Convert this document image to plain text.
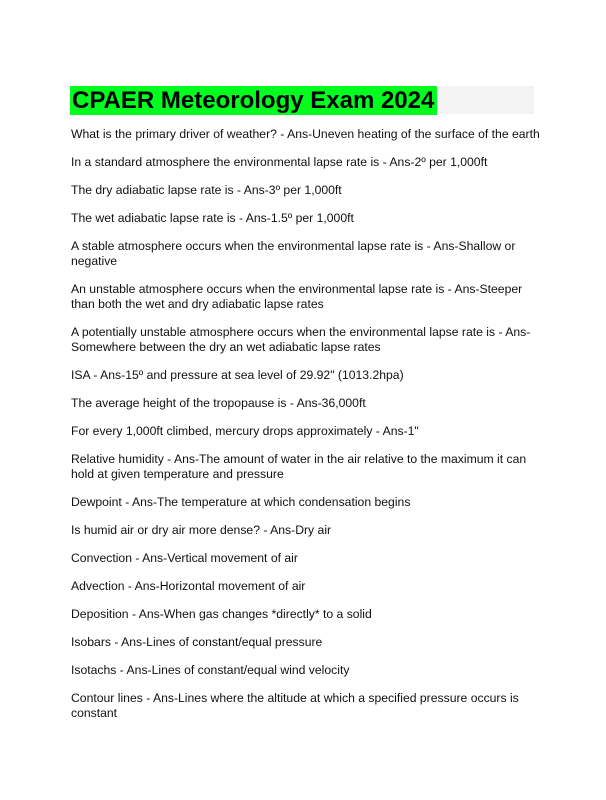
CPAER Meteorology Exam 2024

What is the primary driver of weather? - Ans-Uneven heating of the surface of the earth

In a standard atmosphere the environmental lapse rate is - Ans-2º per 1,000ft

The dry adiabatic lapse rate is - Ans-3º per 1,000ft

The wet adiabatic lapse rate is - Ans-1.5º per 1,000ft

A stable atmosphere occurs when the environmental lapse rate is - Ans-Shallow or negative

An unstable atmosphere occurs when the environmental lapse rate is - Ans-Steeper than both the wet and dry adiabatic lapse rates

A potentially unstable atmosphere occurs when the environmental lapse rate is - Ans-Somewhere between the dry an wet adiabatic lapse rates

ISA - Ans-15º and pressure at sea level of 29.92" (1013.2hpa)

The average height of the tropopause is - Ans-36,000ft

For every 1,000ft climbed, mercury drops approximately - Ans-1"

Relative humidity - Ans-The amount of water in the air relative to the maximum it can hold at given temperature and pressure

Dewpoint - Ans-The temperature at which condensation begins

Is humid air or dry air more dense? - Ans-Dry air

Convection - Ans-Vertical movement of air

Advection - Ans-Horizontal movement of air

Deposition - Ans-When gas changes *directly* to a solid

Isobars - Ans-Lines of constant/equal pressure

Isotachs - Ans-Lines of constant/equal wind velocity

Contour lines - Ans-Lines where the altitude at which a specified pressure occurs is constant
